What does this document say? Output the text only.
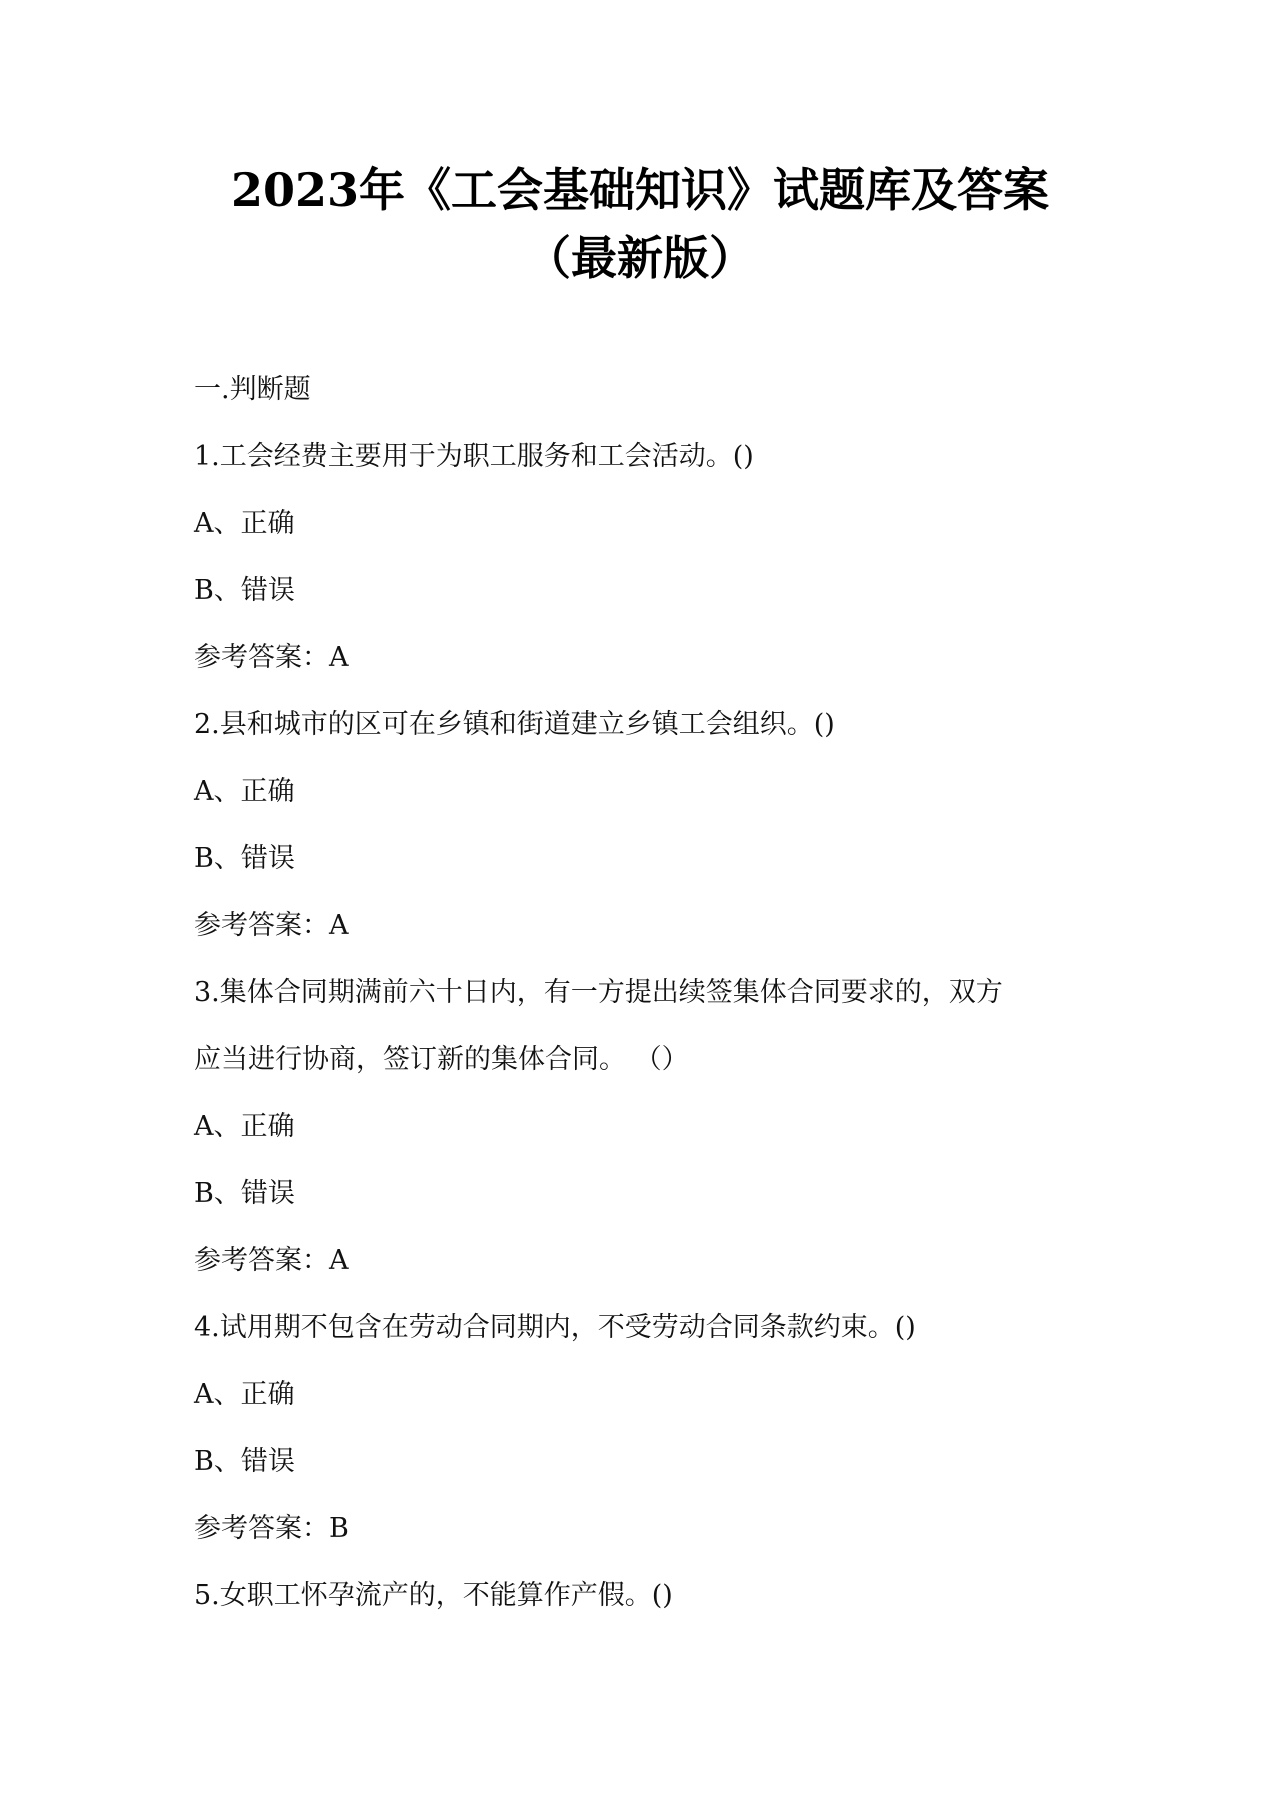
2023年《工会基础知识》试题库及答案
（最新版）
一.判断题
1.工会经费主要用于为职工服务和工会活动。()
A、正确
B、错误
参考答案：A
2.县和城市的区可在乡镇和街道建立乡镇工会组织。()
A、正确
B、错误
参考答案：A
3.集体合同期满前六十日内，有一方提出续签集体合同要求的，双方
应当进行协商，签订新的集体合同。 （）
A、正确
B、错误
参考答案：A
4.试用期不包含在劳动合同期内，不受劳动合同条款约束。()
A、正确
B、错误
参考答案：B
5.女职工怀孕流产的，不能算作产假。()
